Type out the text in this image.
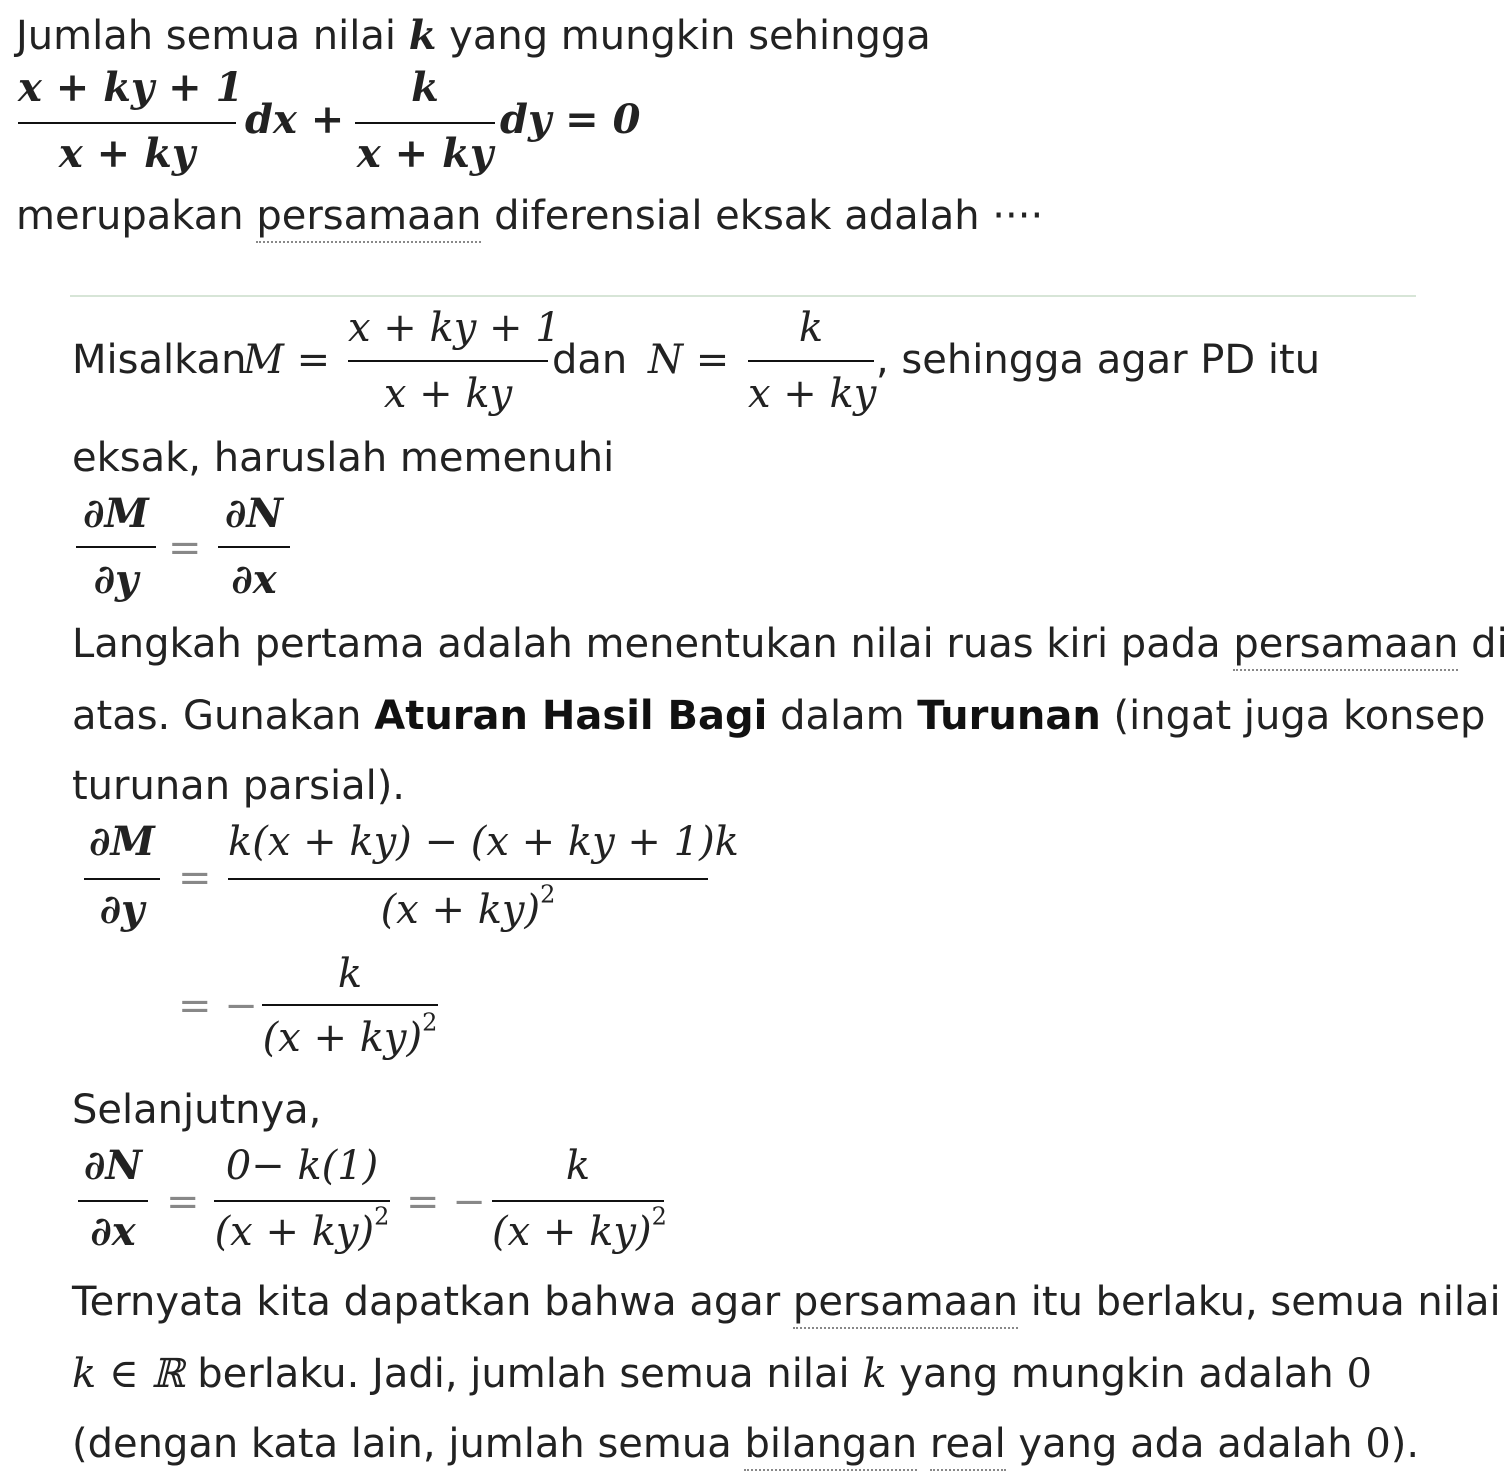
Jumlah semua nilai k yang mungkin sehingga
x + ky + 1
x + ky
dx +
k
x + ky
dy = 0
merupakan persamaan diferensial eksak adalah ····
Misalkan
M =
x + ky + 1
x + ky
dan N =
k
x + ky
, sehingga agar PD itu
eksak, haruslah memenuhi
∂M
∂y
=
∂N
∂x
Langkah pertama adalah menentukan nilai ruas kiri pada persamaan di
atas. Gunakan Aturan Hasil Bagi dalam Turunan (ingat juga konsep
turunan parsial).
∂M
∂y
=
k(x + ky) − (x + ky + 1)k
(x + ky)$^2$
= −
k
(x + ky)$^2$
Selanjutnya,
∂N
∂x
=
0− k(1)
(x + ky)$^2$ = −
k
(x + ky)$^2$
Ternyata kita dapatkan bahwa agar persamaan itu berlaku, semua nilai
k ∈ ℝ berlaku. Jadi, jumlah semua nilai k yang mungkin adalah 0
(dengan kata lain, jumlah semua bilangan real yang ada adalah 0).
